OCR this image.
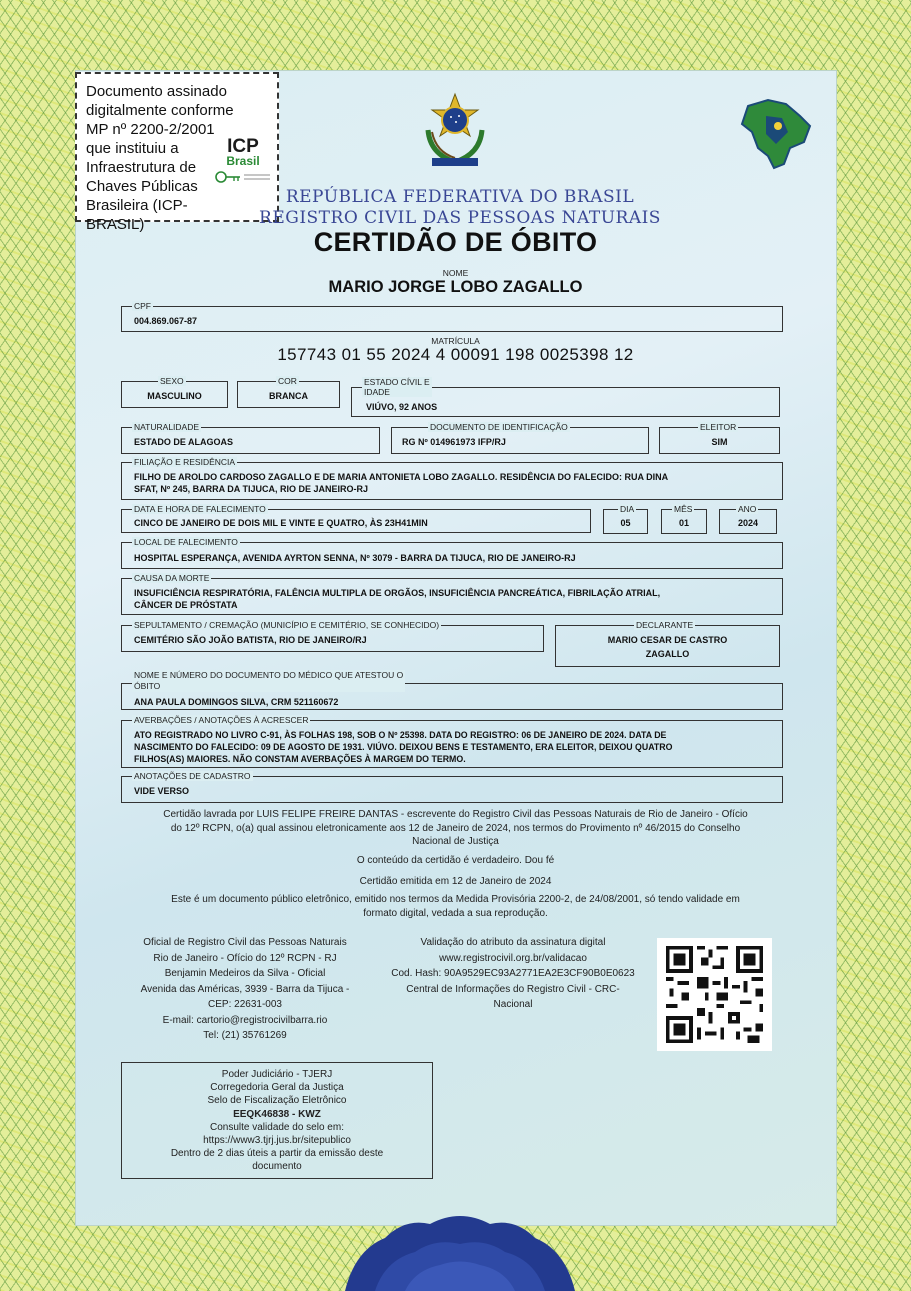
Documento assinado
digitalmente conforme
MP nº 2200-2/2001
que instituiu a
Infraestrutura de
Chaves Públicas
Brasileira (ICP-BRASIL)
ICP
Brasil
REPÚBLICA FEDERATIVA DO BRASIL
REGISTRO CIVIL DAS PESSOAS NATURAIS
CERTIDÃO DE ÓBITO
NOME
MARIO JORGE LOBO ZAGALLO
CPF
004.869.067-87
MATRÍCULA
157743 01 55 2024 4 00091 198 0025398 12
SEXO
MASCULINO
COR
BRANCA
ESTADO CÍVIL E
IDADE
VIÚVO, 92 ANOS
NATURALIDADE
ESTADO DE ALAGOAS
DOCUMENTO DE IDENTIFICAÇÃO
RG Nº 014961973 IFP/RJ
ELEITOR
SIM
FILIAÇÃO E RESIDÊNCIA
FILHO DE AROLDO CARDOSO ZAGALLO E DE MARIA ANTONIETA LOBO ZAGALLO. RESIDÊNCIA DO FALECIDO: RUA DINA
SFAT, Nº 245, BARRA DA TIJUCA, RIO DE JANEIRO-RJ
DATA E HORA DE FALECIMENTO
CINCO DE JANEIRO DE DOIS MIL E VINTE E QUATRO, ÀS 23H41MIN
DIA
05
MÊS
01
ANO
2024
LOCAL DE FALECIMENTO
HOSPITAL ESPERANÇA, AVENIDA AYRTON SENNA, Nº 3079 - BARRA DA TIJUCA, RIO DE JANEIRO-RJ
CAUSA DA MORTE
INSUFICIÊNCIA RESPIRATÓRIA, FALÊNCIA MULTIPLA DE ORGÃOS, INSUFICIÊNCIA PANCREÁTICA, FIBRILAÇÃO ATRIAL,
CÂNCER DE PRÓSTATA
SEPULTAMENTO / CREMAÇÃO (MUNICÍPIO E CEMITÉRIO, SE CONHECIDO)
CEMITÉRIO SÃO JOÃO BATISTA, RIO DE JANEIRO/RJ
DECLARANTE
MARIO CESAR DE CASTRO
ZAGALLO
NOME E NÚMERO DO DOCUMENTO DO MÉDICO QUE ATESTOU O
ÓBITO
ANA PAULA DOMINGOS SILVA, CRM 521160672
AVERBAÇÕES / ANOTAÇÕES À ACRESCER
ATO REGISTRADO NO LIVRO C-91, ÀS FOLHAS 198, SOB O Nº 25398. DATA DO REGISTRO: 06 DE JANEIRO DE 2024. DATA DE
NASCIMENTO DO FALECIDO: 09 DE AGOSTO DE 1931. VIÚVO. DEIXOU BENS E TESTAMENTO, ERA ELEITOR, DEIXOU QUATRO
FILHOS(AS) MAIORES. NÃO CONSTAM AVERBAÇÕES À MARGEM DO TERMO.
ANOTAÇÕES DE CADASTRO
VIDE VERSO
Certidão lavrada por LUIS FELIPE FREIRE DANTAS - escrevente do Registro Civil das Pessoas Naturais de Rio de Janeiro - Ofício
do 12º RCPN, o(a) qual assinou eletronicamente aos 12 de Janeiro de 2024, nos termos do Provimento nº 46/2015 do Conselho
Nacional de Justiça
O conteúdo da certidão é verdadeiro. Dou fé
Certidão emitida em 12 de Janeiro de 2024
Este é um documento público eletrônico, emitido nos termos da Medida Provisória 2200-2, de 24/08/2001, só tendo validade em
formato digital, vedada a sua reprodução.
Oficial de Registro Civil das Pessoas Naturais
Rio de Janeiro - Ofício do 12º RCPN - RJ
Benjamin Medeiros da Silva - Oficial
Avenida das Américas, 3939 - Barra da Tijuca -
CEP: 22631-003
E-mail: cartorio@registrocivilbarra.rio
Tel: (21) 35761269
Validação do atributo da assinatura digital
www.registrocivil.org.br/validacao
Cod. Hash: 90A9529EC93A2771EA2E3CF90B0E0623
Central de Informações do Registro Civil - CRC-
Nacional
Poder Judiciário - TJERJ
Corregedoria Geral da Justiça
Selo de Fiscalização Eletrônico
EEQK46838 - KWZ
Consulte validade do selo em:
https://www3.tjrj.jus.br/sitepublico
Dentro de 2 dias úteis a partir da emissão deste
documento
